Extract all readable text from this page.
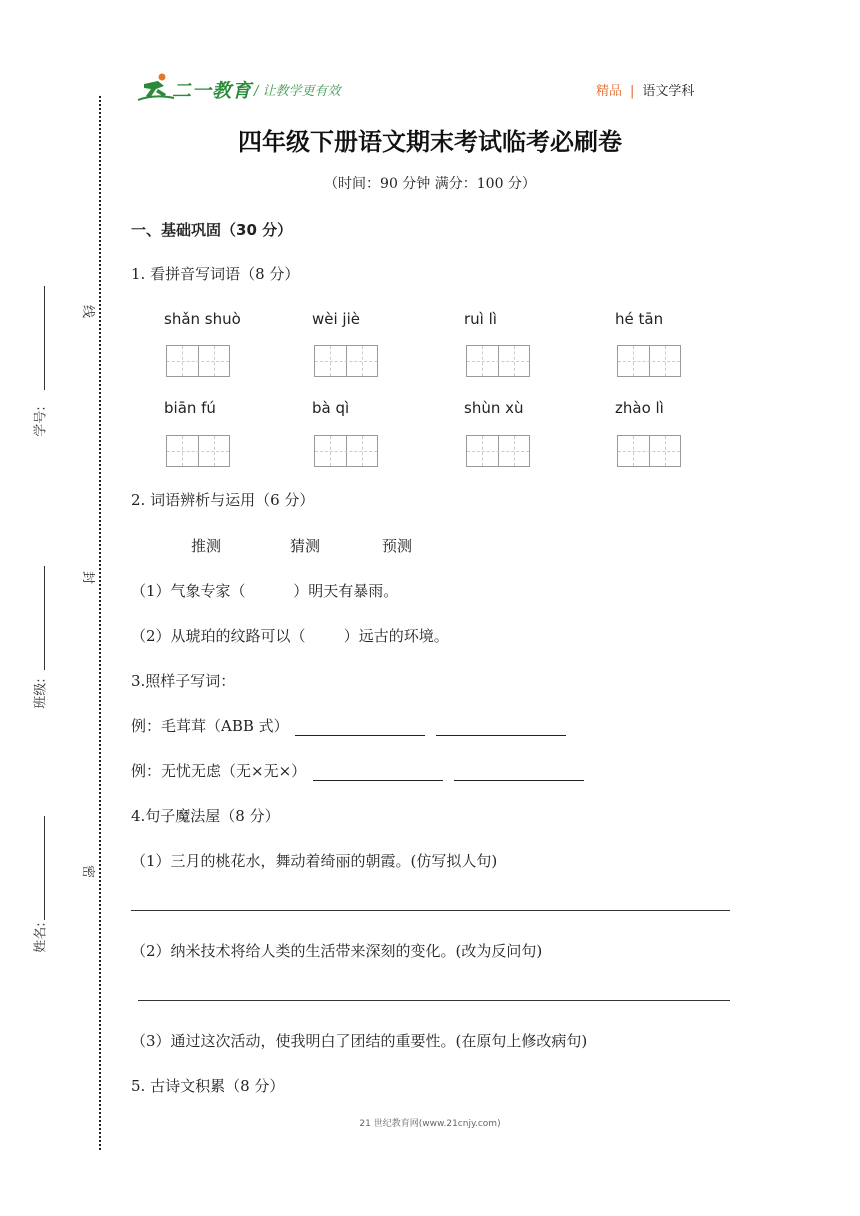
线
封
密
学号:
班级:
姓名:
二一教育 / 让教学更有效	精品 | 语文学科
四年级下册语文期末考试临考必刷卷
（时间：90 分钟 满分：100 分）
一、基础巩固（30 分）
1. 看拼音写词语（8 分）
shǎn shuò	wèi jiè	ruì lì	hé tān
biān fú	bà qì	shùn xù	zhào lì
2. 词语辨析与运用（6 分）
推测	猜测	预测
（1）气象专家（          ）明天有暴雨。
（2）从琥珀的纹路可以（        ）远古的环境。
3.照样子写词：
例：毛茸茸（ABB 式）
例：无忧无虑（无×无×）
4.句子魔法屋（8 分）
（1）三月的桃花水，舞动着绮丽的朝霞。(仿写拟人句)
（2）纳米技术将给人类的生活带来深刻的变化。(改为反问句)
（3）通过这次活动，使我明白了团结的重要性。(在原句上修改病句)
5. 古诗文积累（8 分）
21 世纪教育网(www.21cnjy.com)
